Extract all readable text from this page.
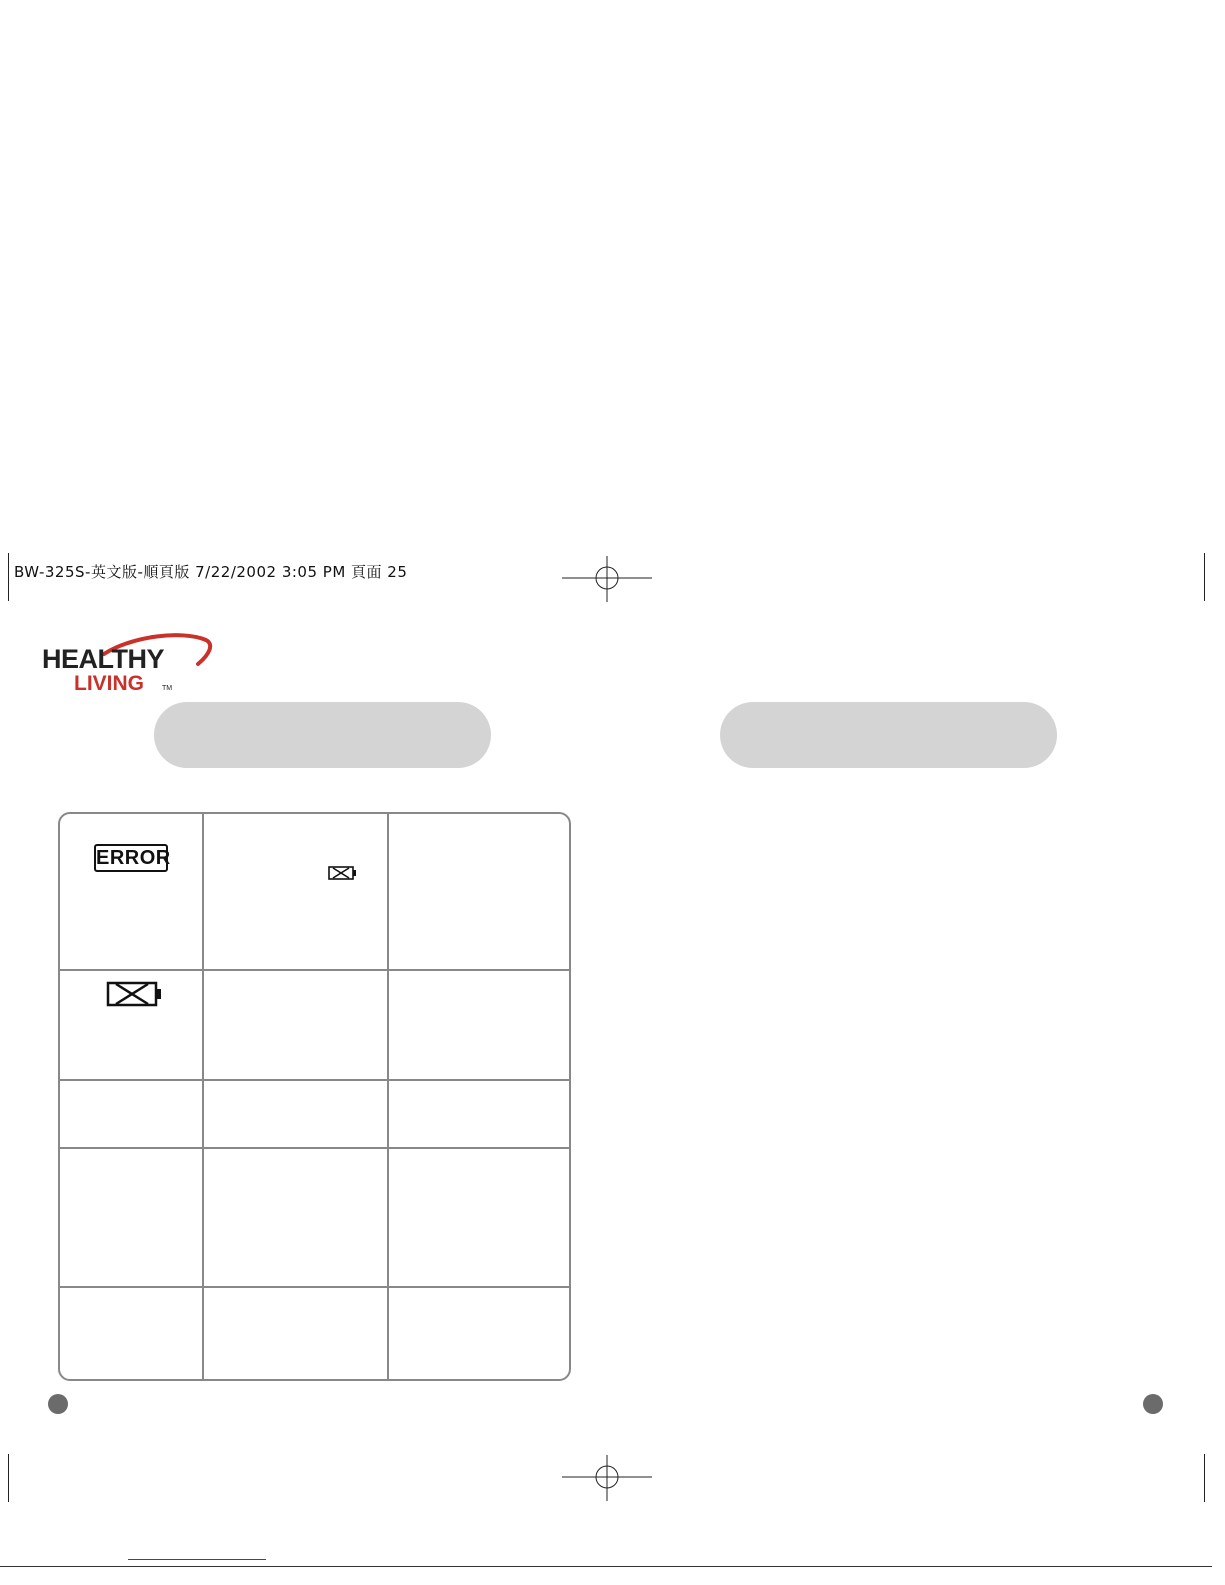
BW-325S-英文版-順頁版 7/22/2002 3:05 PM 頁面 25
HEALTHY
LIVING	TM
ERROR
